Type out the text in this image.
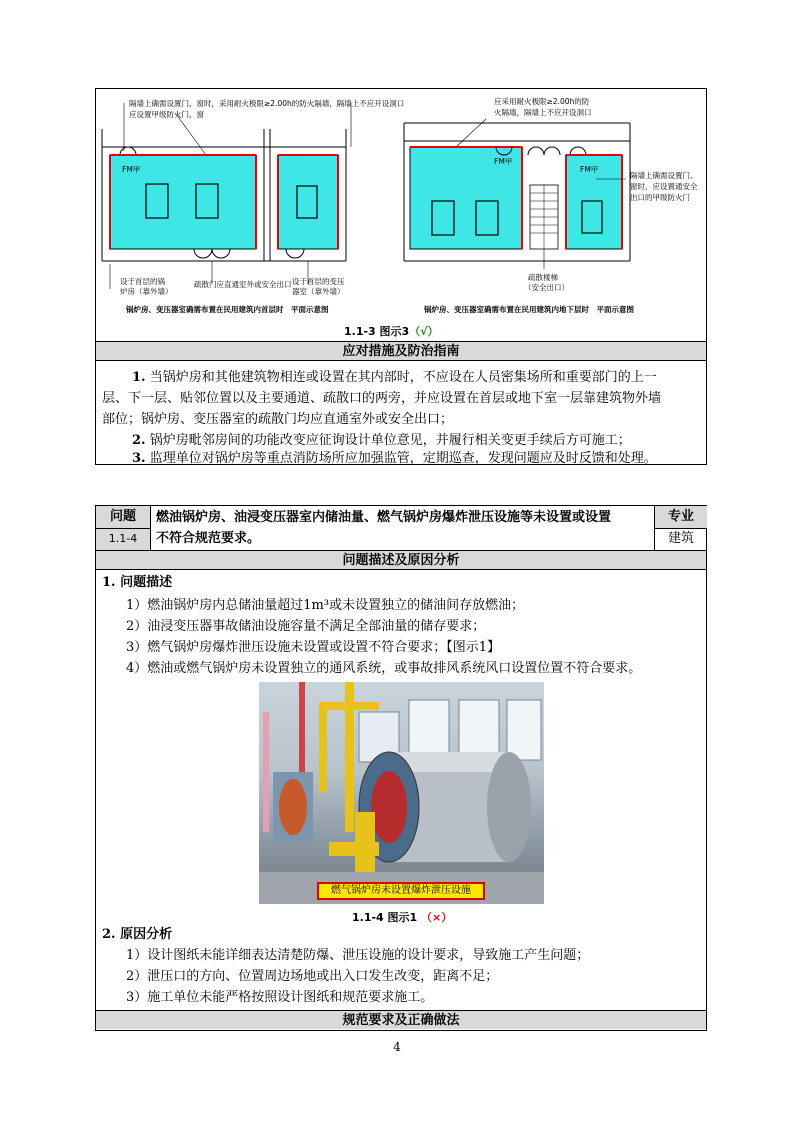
隔墙上确需设置门、窗时，采用耐火极限≥2.00h的防火隔墙，隔墙上不应开设洞口
应设置甲级防火门、窗
FM甲
设于首层的锅
炉房（靠外墙）
疏散门应直通室外或安全出口 设于首层的变压
器室（靠外墙）
锅炉房、变压器室确需布置在民用建筑内首层时　平面示意图
应采用耐火极限≥2.00h的防
火隔墙，隔墙上不应开设洞口
FM甲
FM甲
隔墙上确需设置门、
窗时，应设置通安全
出口的甲级防火门
疏散楼梯
（安全出口）
锅炉房、变压器室确需布置在民用建筑内地下层时　平面示意图
1.1-3 图示3（√）
应对措施及防治指南
1. 当锅炉房和其他建筑物相连或设置在其内部时，不应设在人员密集场所和重要部门的上一
层、下一层、贴邻位置以及主要通道、疏散口的两旁，并应设置在首层或地下室一层靠建筑物外墙
部位；锅炉房、变压器室的疏散门均应直通室外或安全出口；
2. 锅炉房毗邻房间的功能改变应征询设计单位意见，并履行相关变更手续后方可施工；
3. 监理单位对锅炉房等重点消防场所应加强监管，定期巡查，发现问题应及时反馈和处理。
问题
1.1-4
燃油锅炉房、油浸变压器室内储油量、燃气锅炉房爆炸泄压设施等未设置或设置
不符合规范要求。
专业
建筑
问题描述及原因分析
1. 问题描述
1）燃油锅炉房内总储油量超过1m³或未设置独立的储油间存放燃油；
2）油浸变压器事故储油设施容量不满足全部油量的储存要求；
3）燃气锅炉房爆炸泄压设施未设置或设置不符合要求；【图示1】
4）燃油或燃气锅炉房未设置独立的通风系统，或事故排风系统风口设置位置不符合要求。
燃气锅炉房未设置爆炸泄压设施
1.1-4 图示1 （×）
2. 原因分析
1）设计图纸未能详细表达清楚防爆、泄压设施的设计要求，导致施工产生问题；
2）泄压口的方向、位置周边场地或出入口发生改变，距离不足；
3）施工单位未能严格按照设计图纸和规范要求施工。
规范要求及正确做法
4
